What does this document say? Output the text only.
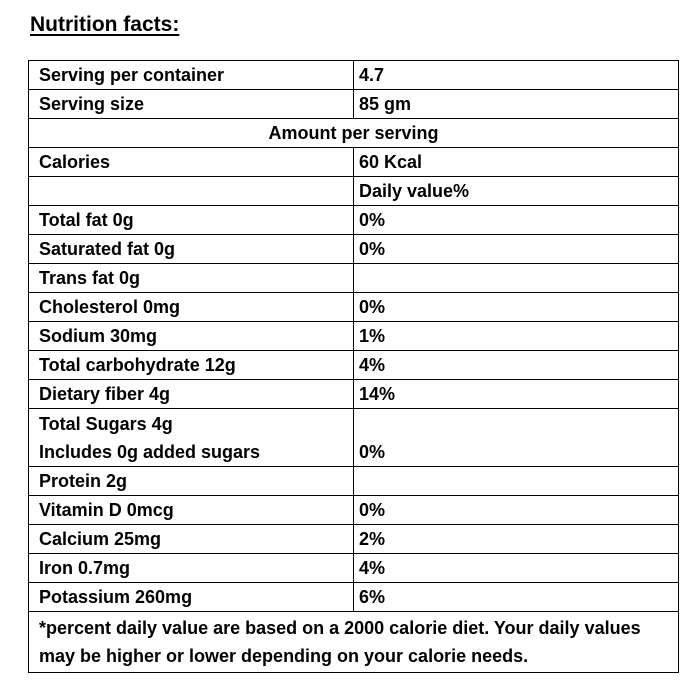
Nutrition facts:
Serving per container	4.7
Serving size	85 gm
Amount per serving	
Calories	60 Kcal
	Daily value%
Total fat 0g	0%
Saturated fat 0g	0%
Trans fat 0g	
Cholesterol 0mg	0%
Sodium 30mg	1%
Total carbohydrate 12g	4%
Dietary fiber 4g	14%

Total Sugars 4g
Includes 0g added sugars	0%
Protein 2g	
Vitamin D 0mcg	0%
Calcium 25mg	2%
Iron 0.7mg	4%
Potassium 260mg	6%
*percent daily value are based on a 2000 calorie diet. Your daily values may be higher or lower depending on your calorie needs.	
